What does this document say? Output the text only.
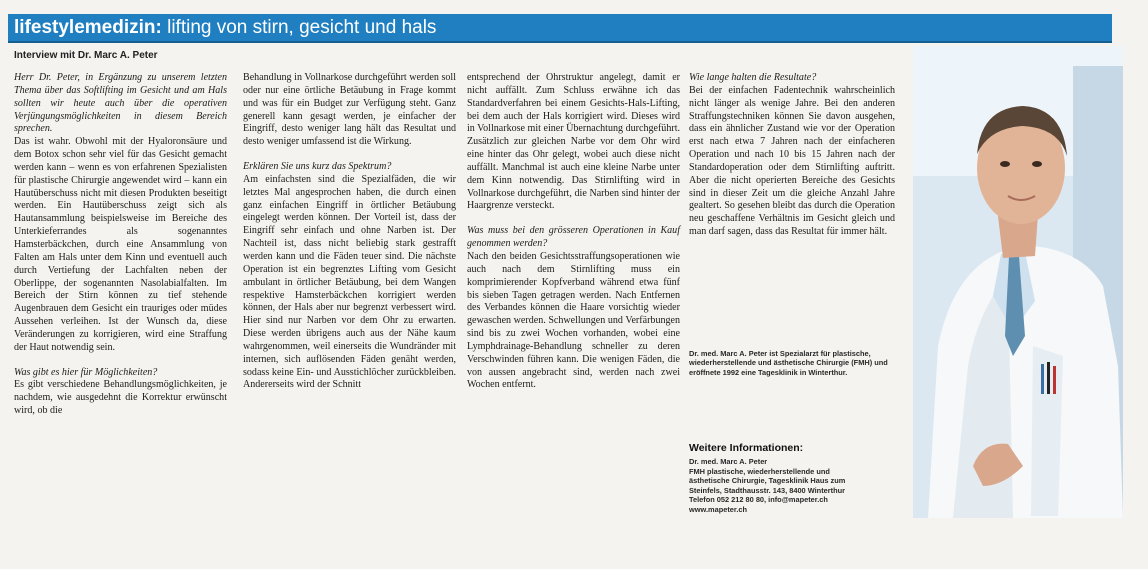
lifestylemedizin: lifting von stirn, gesicht und hals
Interview mit Dr. Marc A. Peter

Herr Dr. Peter, in Ergänzung zu unserem letzten Thema über das Softlifting im Gesicht und am Hals sollten wir heute auch über die operativen Verjüngungsmöglichkeiten in diesem Bereich sprechen.

Das ist wahr. Obwohl mit der Hyaloronsäure und dem Botox schon sehr viel für das Gesicht gemacht werden kann – wenn es von erfahrenen Spezialisten für plastische Chirurgie angewendet wird – kann ein Hautüberschuss nicht mit diesen Produkten beseitigt werden. Ein Hautüberschuss zeigt sich als Hautansammlung beispielsweise im Bereiche des Unterkieferrandes als sogenanntes Hamsterbäckchen, durch eine Ansammlung von Falten am Hals unter dem Kinn und eventuell auch durch Vertiefung der Lachfalten neben der Oberlippe, der sogenannten Nasolabialfalten. Im Bereich der Stirn können zu tief stehende Augenbrauen dem Gesicht ein trauriges oder müdes Aussehen verleihen. Ist der Wunsch da, diese Veränderungen zu korrigieren, wird eine Straffung der Haut notwendig sein.

Was gibt es hier für Möglichkeiten?

Es gibt verschiedene Behandlungsmöglichkeiten, je nachdem, wie ausgedehnt die Korrektur erwünscht wird, ob die

Behandlung in Vollnarkose durchgeführt werden soll oder nur eine örtliche Betäubung in Frage kommt und was für ein Budget zur Verfügung steht. Ganz generell kann gesagt werden, je einfacher der Eingriff, desto weniger lang hält das Resultat und desto weniger umfassend ist die Wirkung.

Erklären Sie uns kurz das Spektrum?

Am einfachsten sind die Spezialfäden, die wir letztes Mal angesprochen haben, die durch einen ganz einfachen Eingriff in örtlicher Betäubung eingelegt werden können. Der Vorteil ist, dass der Eingriff sehr einfach und ohne Narben ist. Der Nachteil ist, dass nicht beliebig stark gestrafft werden kann und die Fäden teuer sind. Die nächste Operation ist ein begrenztes Lifting vom Gesicht ambulant in örtlicher Betäubung, bei dem Wangen respektive Hamsterbäckchen korrigiert werden können, der Hals aber nur begrenzt verbessert wird. Hier sind nur Narben vor dem Ohr zu erwarten. Diese werden übrigens auch aus der Nähe kaum wahrgenommen, weil einerseits die Wundränder mit internen, sich auflösenden Fäden genäht werden, sodass keine Ein- und Ausstichlöcher zurückbleiben. Andererseits wird der Schnitt

entsprechend der Ohrstruktur angelegt, damit er nicht auffällt. Zum Schluss erwähne ich das Standardverfahren bei einem Gesichts-Hals-Lifting, bei dem auch der Hals korrigiert wird. Dieses wird in Vollnarkose mit einer Übernachtung durchgeführt. Zusätzlich zur gleichen Narbe vor dem Ohr wird eine hinter das Ohr gelegt, wobei auch diese nicht auffällt. Manchmal ist auch eine kleine Narbe unter dem Kinn notwendig. Das Stirnlifting wird in Vollnarkose durchgeführt, die Narben sind hinter der Haargrenze versteckt.

Was muss bei den grösseren Operationen in Kauf genommen werden?

Nach den beiden Gesichtsstraffungsoperationen wie auch nach dem Stirnlifting muss ein komprimierender Kopfverband während etwa fünf bis sieben Tagen getragen werden. Nach Entfernen des Verbandes können die Haare vorsichtig wieder gewaschen werden. Schwellungen und Verfärbungen sind bis zu zwei Wochen vorhanden, wobei eine Lymphdrainage-Behandlung schneller zu deren Verschwinden führen kann. Die wenigen Fäden, die von aussen angebracht sind, werden nach zwei Wochen entfernt.

Wie lange halten die Resultate?

Bei der einfachen Fadentechnik wahrscheinlich nicht länger als wenige Jahre. Bei den anderen Straffungstechniken können Sie davon ausgehen, dass ein ähnlicher Zustand wie vor der Operation erst nach etwa 7 Jahren nach der einfacheren Operation und nach 10 bis 15 Jahren nach der Standardoperation oder dem Stirnlifting auftritt. Aber die nicht operierten Bereiche des Gesichts sind in dieser Zeit um die gleiche Anzahl Jahre gealtert. So gesehen bleibt das durch die Operation neu geschaffene Verhältnis im Gesicht gleich und man darf sagen, dass das Resultat für immer hält.

Dr. med. Marc A. Peter ist Spezialarzt für plastische, wiederherstellende und ästhetische Chirurgie (FMH) und eröffnete 1992 eine Tagesklinik in Winterthur.
Weitere Informationen:
Dr. med. Marc A. Peter
FMH plastische, wiederherstellende und
ästhetische Chirurgie, Tagesklinik Haus zum
Steinfels, Stadthausstr. 143, 8400 Winterthur
Telefon 052 212 80 80, info@mapeter.ch
www.mapeter.ch
